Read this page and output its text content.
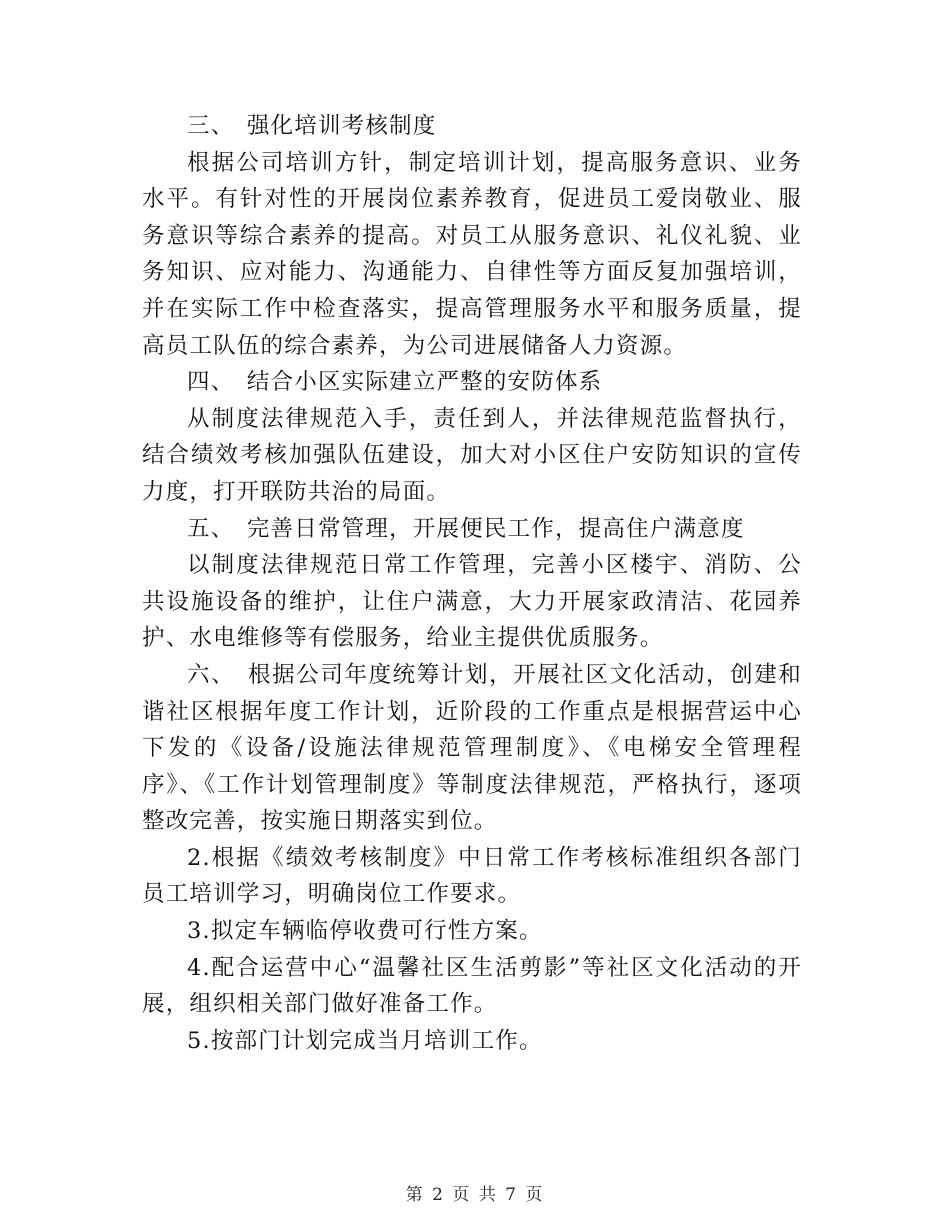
三、　强化培训考核制度

根据公司培训方针，制定培训计划，提高服务意识、业务水平。有针对性的开展岗位素养教育，促进员工爱岗敬业、服务意识等综合素养的提高。对员工从服务意识、礼仪礼貌、业务知识、应对能力、沟通能力、自律性等方面反复加强培训，并在实际工作中检查落实，提高管理服务水平和服务质量，提高员工队伍的综合素养，为公司进展储备人力资源。

四、　结合小区实际建立严整的安防体系

从制度法律规范入手，责任到人，并法律规范监督执行，结合绩效考核加强队伍建设，加大对小区住户安防知识的宣传力度，打开联防共治的局面。

五、　完善日常管理，开展便民工作，提高住户满意度

以制度法律规范日常工作管理，完善小区楼宇、消防、公共设施设备的维护，让住户满意，大力开展家政清洁、花园养护、水电维修等有偿服务，给业主提供优质服务。

六、　根据公司年度统筹计划，开展社区文化活动，创建和谐社区根据年度工作计划，近阶段的工作重点是根据营运中心下发的《设备/设施法律规范管理制度》、《电梯安全管理程序》、《工作计划管理制度》等制度法律规范，严格执行，逐项整改完善，按实施日期落实到位。

2.根据《绩效考核制度》中日常工作考核标准组织各部门员工培训学习，明确岗位工作要求。

3.拟定车辆临停收费可行性方案。

4.配合运营中心“温馨社区生活剪影”等社区文化活动的开展，组织相关部门做好准备工作。

5.按部门计划完成当月培训工作。

第 2 页 共 7 页
